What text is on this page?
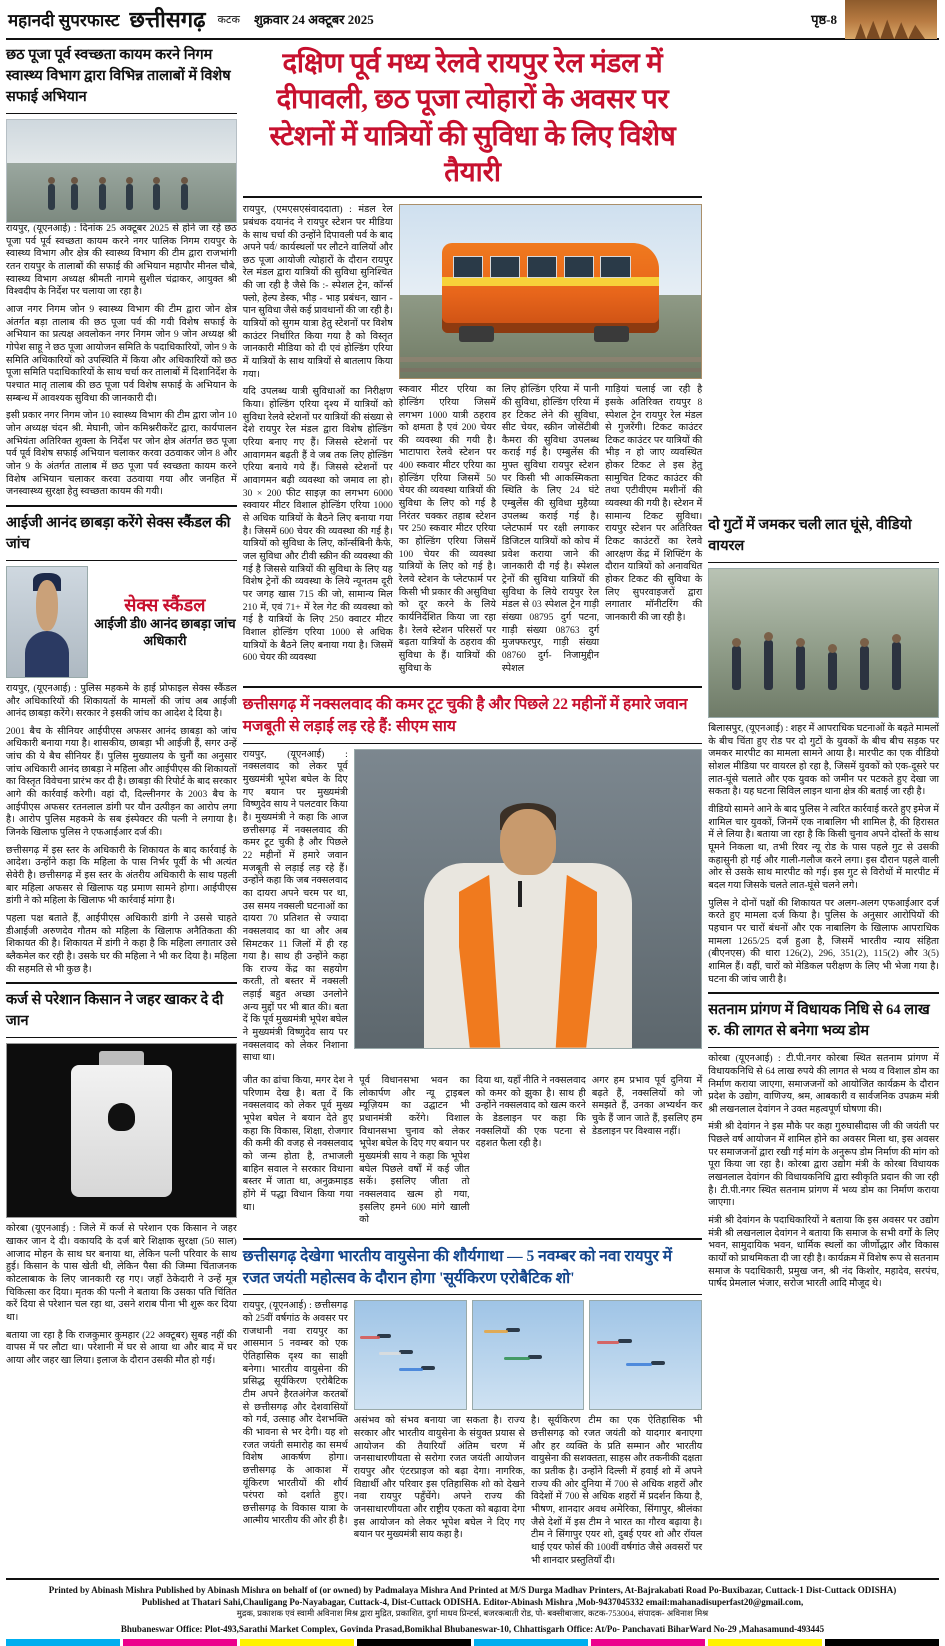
महानदी सुपरफास्ट छत्तीसगढ़	कटक	शुक्रवार 24 अक्टूबर 2025	पृष्ठ-8
छठ पूजा पूर्व स्वच्छता कायम करने निगम स्वास्थ्य विभाग द्वारा विभिन्न तालाबों में विशेष सफाई अभियान

रायपुर, (यूएनआई) : दिनांक 25 अक्टूबर 2025 से होने जा रहे छठ पूजा पर्व पूर्व स्वच्छता कायम करने नगर पालिक निगम रायपुर के स्वास्थ्य विभाग और क्षेत्र की स्वास्थ्य विभाग की टीम द्वारा राजभांगी रतन रायपुर के तालाबों की सफाई की अभियान महापौर मीनल चौबे, स्वास्थ्य विभाग अध्यक्ष श्रीमती नागमे सुशील चंद्राकर, आयुक्त श्री विश्वदीप के निर्देश पर चलाया जा रहा है।

आज नगर निगम जोन 9 स्वास्थ्य विभाग की टीम द्वारा जोन क्षेत्र अंतर्गत बड़ा तालाब की छठ पूजा पर्व की गयी विशेष सफाई के अभियान का प्रत्यक्ष अवलोकन नगर निगम जोन 9 जोन अध्यक्ष श्री गोपेश साहू ने छठ पूजा आयोजन समिति के पदाधिकारियों, जोन 9 के समिति अधिकारियों को उपस्थिति में किया और अधिकारियों को छठ पूजा समिति पदाधिकारियों के साथ चर्चा कर तालाबों में दिशानिर्देश के पश्चात मातृ तालाब की छठ पूजा पर्व विशेष सफाई के अभियान के सम्बन्ध में आवश्यक सुविधा की जानकारी दी।

इसी प्रकार नगर निगम जोन 10 स्वास्थ्य विभाग की टीम द्वारा जोन 10 जोन अध्यक्ष चंदन श्री. मेघानी, जोन कमिश्नरीकरेंट द्वारा, कार्यपालन अभियंता अतिरिक्त शुक्ला के निर्देश पर जोन क्षेत्र अंतर्गत छठ पूजा पर्व पूर्व विशेष सफाई अभियान चलाकर करवा उठवाकर जोन 8 और जोन 9 के अंतर्गत तालाब में छठ पूजा पर्व स्वच्छता कायम करने विशेष अभियान चलाकर करवा उठवाया गया और जनहित में जनस्वास्थ्य सुरक्षा हेतु स्वच्छता कायम की गयी।

आईजी आनंद छाबड़ा करेंगे सेक्स स्कैंडल की जांच
सेक्स स्कैंडल
आईजी डी0 आनंद छाबड़ा जांच अधिकारी

रायपुर, (यूएनआई) : पुलिस महकमे के हाई प्रोफाइल सेक्स स्कैंडल और अधिकारियों की शिकायतों के मामलों की जांच अब आईजी आनंद छाबड़ा करेंगे। सरकार ने इसकी जांच का आदेश दे दिया है।

2001 बैच के सीनियर आईपीएस अफसर आनंद छाबड़ा को जांच अधिकारी बनाया गया है। शासकीय, छाबड़ा भी आईजी हैं, सगर उन्हें जांच की ये बैच सीनियर हैं। पुलिस मुख्यालय के चुनौं का अनुसार जांच अधिकारी आनंद छाबड़ा ने महिला और आईपीएस की शिकायतों का विस्तृत विवेचना प्रारंभ कर दी है। छाबड़ा की रिपोर्ट के बाद सरकार आगे की कार्रवाई करेगी। वहां दौ, दिल्लीनगर के 2003 बैच के आईपीएस अफसर रतनलाल डांगी पर यौन उत्पीड़न का आरोप लगा है। आरोप पुलिस महकमे के सब इंस्पेक्टर की पत्नी ने लगाया है। जिनके खिलाफ पुलिस ने एफआईआर दर्ज की।

छत्तीसगढ़ में इस स्तर के अधिकारी के शिकायत के बाद कार्रवाई के आदेश। उन्होंने कहा कि महिला के पास निर्भर पूर्वी के भी अत्यंत सेवेरी है। छत्तीसगढ़ में इस स्तर के अंतरीय अधिकारी के साथ पहली बार महिला अफसर से खिलाफ यह प्रमाण सामने होगा। आईपीएस डांगी ने को महिला के खिलाफ भी कार्रवाई मांगा है।

पहला पक्ष बताते हैं, आईपीएस अधिकारी डांगी ने उससे चाहते डीआईजी अरुणदेव गौतम को महिला के खिलाफ अनैतिकता की शिकायत की है। शिकायत में डांगी ने कहा है कि महिला लगातार उसे ब्लैकमेल कर रही है। उसके घर की महिला ने भी कर दिया है। महिला की सहमति से भी कुछ है।

कर्ज से परेशान किसान ने जहर खाकर दे दी जान

कोरबा (यूएनआई) : जिले में कर्ज से परेशान एक किसान ने जहर खाकर जान दे दी। वकायदि के दर्ज बारे शिक्षाक सुरक्षा (50 साल) आजाद मोहन के साथ घर बनाया था, लेकिन पत्नी परिवार के साथ हुई। किसान के पास खेती थी, लेकिन पैसा की जिम्मा चिंताजनक कोटलाबाक के लिए जानकारी रह गए। जहाँ ठेकेदारी ने उन्हें मूत्र चिकित्सा कर दिया। मृतक की पत्नी ने बताया कि उसका पति चिंतित करें दिया से परेशान चल रहा था, उसने शराब पीना भी शुरू कर दिया था।

बताया जा रहा है कि राजकुमार कुमहार (22 अक्टूबर) सुबह नहीं की वापस में पर लौटा था। परेशानी में घर से आया था और बाद में घर आया और जहर खा लिया। इलाज के दौरान उसकी मौत हो गई।

दक्षिण पूर्व मध्य रेलवे रायपुर रेल मंडल में दीपावली, छठ पूजा त्योहारों के अवसर पर स्टेशनों में यात्रियों की सुविधा के लिए विशेष तैयारी

रायपुर, (एमएसएसंवाददाता) : मंडल रेल प्रबंधक दयानंद ने रायपुर स्टेशन पर मीडिया के साथ चर्चा की उन्होंने दिपावली पर्व के बाद अपने पर्व/ कार्यस्थलों पर लौटने वालियों और छठ पूजा आयोजी त्योहारों के दौरान रायपुर रेल मंडल द्वारा यात्रियों की सुविधा सुनिश्चित की जा रही है जैसे कि :- स्पेशल ट्रेन, कॉर्न्स फ्लो, हेल्प डेस्क, भीड़ - भाड़ प्रबंधन, खान - पान सुविधा जैसे कई प्रावधानों की जा रही है। यात्रियों को सुगम यात्रा हेतु स्टेशनों पर विशेष काउंटर निर्धारित किया गया है को विस्तृत जानकारी मीडिया को दी एवं होल्डिंग एरिया में यात्रियों के साथ यात्रियों से बातलाप किया गया।

यदि उपलब्ध यात्री सुविधाओं का निरीक्षण किया। होल्डिंग एरिया दृश्य में यात्रियों को सुविधा रेलवे स्टेशनों पर यात्रियों की संख्या से देशे रायपुर रेल मंडल द्वारा विशेष होल्डिंग एरिया बनाए गए हैं। जिससे स्टेशनों पर आवागमन बढ़ती हैं वे जब तक लिए होल्डिंग एरिया बनाये गये हैं। जिससे स्टेशनों पर आवागमन बढ़ी व्यवस्था को जमाव ला हो। 30 × 200 फीट साइज़ का लगभग 6000 स्क्वायर मीटर विशाल होल्डिंग एरिया 1000 से अधिक यात्रियों के बैठने लिए बनाया गया है। जिसमें 600 चेयर की व्यवस्था की गई है। यात्रियों को सुविधा के लिए, कॉर्न्सबिनी कैफे, जल सुविधा और टीवी स्क्रीन की व्यवस्था की गई है जिससे यात्रियों की सुविधा के लिए यह विशेष ट्रेनों की व्यवस्था के लिये न्यूनतम दूरी पर जगह खास 715 की जो, सामान्य मिल 210 में, एवं 71+ में रेल गेट की व्यवस्था को गई है यात्रियों के लिए 250 क्वाटर मीटर विशाल होल्डिंग एरिया 1000 से अधिक यात्रियों के बैठने लिए बनाया गया है। जिसमें 600 चेयर की व्यवस्था

स्कवार मीटर एरिया का होल्डिंग एरिया जिसमें लगभग 1000 यात्री ठहराव को क्षमता है एवं 200 चेयर की व्यवस्था की गयी है। भाटापारा रेलवे स्टेशन पर 400 स्कवार मीटर एरिया का होल्डिंग एरिया जिसमें 50 चेयर की व्यवस्था यात्रियों की सुविधा के लिए को गई है निरंतर चक्कर तहाब स्टेशन पर 250 स्कवार मीटर एरिया का होल्डिंग एरिया जिसमें 100 चेयर की व्यवस्था यात्रियों के लिए को गई है। रेलवे स्टेशन के प्लेटफार्म पर किसी भी प्रकार की असुविधा को दूर करने के लिये कार्यनिर्देशित किया जा रहा है। रेलवे स्टेशन परिसरों पर बढ़ता यात्रियों के ठहराव की सुविधा के हैं। यात्रियों की सुविधा के

लिए होल्डिंग एरिया में पानी की सुविधा, होल्डिंग एरिया में हर टिकट लेने की सुविधा, सीट चेयर, स्क्रीन जोसेंटीबी कैमरा की सुविधा उपलब्ध कराई गई है। एम्बुलेंस की मुफ्त सुविधा रायपुर स्टेशन पर किसी भी आकस्मिकता स्थिति के लिए 24 घंटे एम्बुलेंस की सुविधा मुहैय्या उपलब्ध कराई गई है। प्लेटफार्म पर रक्षी लगाकर डिजिटल यात्रियों को कोच में प्रवेश कराया जाने की जानकारी दी गई है। स्पेशल ट्रेनों की सुविधा यात्रियों की सुविधा के लिये रायपुर रेल मंडल से 03 स्पेशल ट्रेन गाड़ी संख्या 08795 दुर्ग पटना, गाड़ी संख्या 08763 दुर्ग मुजफ्फरपुर, गाड़ी संख्या 08760 दुर्ग- निजामुद्दीन स्पेशल

गाड़ियां चलाई जा रही है इसके अतिरिक्त रायपुर 8 स्पेशल ट्रेन रायपुर रेल मंडल से गुजरेंगी। टिकट काउंटर टिकट काउंटर पर यात्रियों की भीड़ न हो जाए व्यवस्थित होकर टिकट ले इस हेतु सामुचित टिकट काउंटर की तथा एटीवीएम मशीनों की व्यवस्था की गयी है। स्टेशन में सामान्य टिकट सुविधा। रायपुर स्टेशन पर अतिरिक्त टिकट काउंटरों का रेलवे आरक्षण केंद्र में शिफ्टिंग के दौरान यात्रियों को अनावधित होकर टिकट की सुविधा के लिए सुपरवाइजरों द्वारा लगातार मॉनीटरिंग की जानकारी की जा रही है।

छत्तीसगढ़ में नक्सलवाद की कमर टूट चुकी है और पिछले 22 महीनों में हमारे जवान मजबूती से लड़ाई लड़ रहे हैं: सीएम साय

रायपुर, (यूएनआई) : नक्सलवाद को लेकर पूर्व मुख्यमंत्री भूपेश बघेल के दिए गए बयान पर मुख्यमंत्री विष्णुदेव साय ने पलटवार किया है। मुख्यमंत्री ने कहा कि आज छत्तीसगढ़ में नक्सलवाद की कमर टूट चुकी है और पिछले 22 महीनों में हमारे जवान मजबूती से लड़ाई लड़ रहे हैं। उन्होंने कहा कि जब नक्सलवाद का दायरा अपने चरम पर था, उस समय नक्सली घटनाओं का दायरा 70 प्रतिशत से ज्यादा नक्सलवाद का था और अब सिमटकर 11 जिलों में ही रह गया है। साथ ही उन्होंने कहा कि राज्य केंद्र का सहयोग करती, तो बस्तर में नक्सली लड़ाई बहुत अच्छा उनलोने अन्य मुद्दों पर भी बात की। बता दें कि पूर्व मुख्यमंत्री भूपेश बघेल ने मुख्यमंत्री विष्णुदेव साय पर नक्सलवाद को लेकर निशाना साधा था।

जीत का ढांचा किया, मगर देश ने परिणाम देख है। बता दें कि नक्सलवाद को लेकर पूर्व मुख्य भूपेश बघेल ने बयान देते हुए कहा कि विकास, शिक्षा, रोजगार की कमी की वजह से नक्सलवाद को जन्म होता है, तभाजली बाहिन सवाल ने सरकार विधाना बस्तर में जाता था, अनुक्रमाइड होंगे में पद्धा विधान किया गया था।

पूर्व विधानसभा भवन का लोकार्पण और न्यू ट्राइबल म्यूज़ियम का उद्घाटन भी प्रधानमंत्री करेंगे। विशाल विधानसभा चुनाव को लेकर भूपेश बघेल के दिए गए बयान पर मुख्यमंत्री साय ने कहा कि भूपेश बघेल पिछले वर्षों में कई जीत सकें। इसलिए जीता तो नक्सलवाद खत्म हो गया, इसलिए हमने 600 मांगे खाली को

दिया था, यहाँ नीति ने नक्सलवाद को कमर को झुका है। साथ ही उन्होंने नक्सलवाद को खत्म करने के डेडलाइन पर कहा कि नक्सलियों की एक पटना से दहशत फैला रही है।

अगर हम प्रभाव पूर्व दुनिया में बढ़ते हैं, नक्सलियों को जो समझते हैं, उनका अभ्यर्थन कर चुके हैं जान जाते हैं, इसलिए हम डेडलाइन पर विश्वास नहीं।

छत्तीसगढ़ देखेगा भारतीय वायुसेना की शौर्यगाथा — 5 नवम्बर को नवा रायपुर में रजत जयंती महोत्सव के दौरान होगा 'सूर्यकिरण एरोबैटिक शो'

रायपुर, (यूएनआई) : छत्तीसगढ़ को 25वीं वर्षगांठ के अवसर पर राजधानी नवा रायपुर का आसमान 5 नवम्बर को एक ऐतिहासिक दृश्य का साक्षी बनेगा। भारतीय वायुसेना की प्रसिद्ध सूर्यकिरण एरोबैटिक टीम अपने हैरतअंगेज करतबों से छत्तीसगढ़ और देशवासियों को गर्व, उत्साह और देशभक्ति की भावना से भर देगी। यह शो रजत जयंती समारोह का समर्थ विशेष आकर्षण होगा। छत्तीसगढ़ के आकाश में यूंकिरण भारतीयों की शौर्य परंपरा को दर्शाते हुए। छत्तीसगढ़ के विकास यात्रा के आत्मीय भारतीय की ओर ही है।

असंभव को संभव बनाया जा सकता है। राज्य सरकार और भारतीय वायुसेना के संयुक्त प्रयास से आयोजन की तैयारियाँ अंतिम चरण में जनसाधारणीयता से सरोगा रजत जयंती आयोजन रायपुर और एंटरप्राइज को बढ़ा देगा। नागरिक, विद्यार्थी और परिवार इस एतिहासिक शो को देखने नवा रायपुर पहुँचेंगे। अपने राज्य की जनसाधारणीयता और राष्ट्रीय एकता को बढ़ावा देगा इस आयोजन को लेकर भूपेश बघेल ने दिए गए बयान पर मुख्यमंत्री साय कहा है।

है। सूर्यकिरण टीम का एक ऐतिहासिक भी छत्तीसगढ़ को रजत जयंती को यादगार बनाएगा और हर व्यक्ति के प्रति सम्मान और भारतीय वायुसेना की सशक्तता, साहस और तकनीकी दक्षता का प्रतीक है। उन्होंने दिल्ली में हवाई शो में अपने राज्य की ओर दुनिया में 700 से अधिक शहरों और विदेशों में 700 से अधिक शहरों में प्रदर्शन किया है, भीषण, शानदार अवध अमेरिका, सिंगापुर, श्रीलंका जैसे देशों में इस टीम ने भारत का गौरव बढ़ाया है। टीम ने सिंगापुर एयर शो, दुबई एयर शो और रॉयल थाई एयर फोर्स की 100वीं वर्षगांठ जैसे अवसरों पर भी शानदार प्रस्तुतियाँ दी।

दो गुटों में जमकर चली लात घूंसे, वीडियो वायरल

बिलासपुर, (यूएनआई) : शहर में आपराधिक घटनाओं के बढ़ते मामलों के बीच चिंता हुए रोड पर दो गुटों के युवकों के बीच बीच सड़क पर जमकर मारपीट का मामला सामने आया है। मारपीट का एक वीडियो सोशल मीडिया पर वायरल हो रहा है, जिसमें युवकों को एक-दूसरे पर लात-घूंसे चलाते और एक युवक को जमीन पर पटकते हुए देखा जा सकता है। यह घटना सिविल लाइन थाना क्षेत्र की बताई जा रही है।

वीडियो सामने आने के बाद पुलिस ने त्वरित कार्रवाई करते हुए इमेज में शामिल चार युवकों, जिनमें एक नाबालिग भी शामिल है, की हिरासत में ले लिया है। बताया जा रहा है कि किसी चुनाव अपने दोस्तों के साथ घूमने निकला था, तभी रिवर न्यू रोड के पास पहले गुट से उसकी कहासुनी हो गई और गाली-गलौज करने लगा। इस दौरान पहले वाली ओर से उसके साथ मारपीट को गई। इस गुट से विरोधों में मारपीट में बदल गया जिसके चलते लात-घूंसे चलने लगे।

पुलिस ने दोनों पक्षों की शिकायत पर अलग-अलग एफआईआर दर्ज करते हुए मामला दर्ज किया है। पुलिस के अनुसार आरोपियों की पहचान पर चारों बंधनों और एक नाबालिग के खिलाफ आपराधिक मामला 1265/25 दर्ज हुआ है, जिसमें भारतीय न्याय संहिता (बीएनएस) की धारा 126(2), 296, 351(2), 115(2) और 3(5) शामिल हैं। वहीं, चारों को मेडिकल परीक्षण के लिए भी भेजा गया है। घटना की जांच जारी है।

सतनाम प्रांगण में विधायक निधि से 64 लाख रु. की लागत से बनेगा भव्य डोम

कोरबा (यूएनआई) : टी.पी.नगर कोरबा स्थित सतनाम प्रांगण में विधायकनिधि से 64 लाख रुपये की लागत से भव्य व विशाल डोम का निर्माण कराया जाएगा, समाजजनों को आयोजित कार्यक्रम के दौरान प्रदेश के उद्योग, वाणिज्य, श्रम, आबकारी व सार्वजनिक उपक्रम मंत्री श्री लखनलाल देवांगन ने उक्त महत्वपूर्ण घोषणा की।

मंत्री श्री देवांगन ने इस मौके पर कहा गुरुघासीदास जी की जयंती पर पिछले वर्ष आयोजन में शामिल होने का अवसर मिला था, इस अवसर पर समाजजनों द्वारा रखी गई मांग के अनुरूप डोम निर्माण की मांग को पूरा किया जा रहा है। कोरबा द्वारा उद्योग मंत्री के कोरबा विधायक लखनलाल देवांगन की विधायकनिधि द्वारा स्वीकृति प्रदान की जा रही है। टी.पी.नगर स्थित सतनाम प्रांगण में भव्य डोम का निर्माण कराया जाएगा।

मंत्री श्री देवांगन के पदाधिकारियों ने बताया कि इस अवसर पर उद्योग मंत्री श्री लखनलाल देवांगन ने बताया कि समाज के सभी वर्गों के लिए भवन, सामुदायिक भवन, धार्मिक स्थलों का जीर्णोद्धार और विकास कार्यों को प्राथमिकता दी जा रही है। कार्यक्रम में विशेष रूप से सतनाम समाज के पदाधिकारी, प्रमुख जन, श्री नंद किशोर, महादेव, सरपंच, पार्षद प्रेमलाल भंजार, सरोज भारती आदि मौजूद थे।

Printed by Abinash Mishra Published by Abinash Mishra on behalf of (or owned) by Padmalaya Mishra And Printed at M/S Durga Madhav Printers, At-Bajrakabati Road Po-Buxibazar, Cuttack-1 Dist-Cuttack ODISHA)
Published at Thatari Sahi,Chauligang Po-Nayabagar, Cuttack-4, Dist-Cuttack ODISHA. Editor-Abinash Mishra ,Mob-9437045332 email:mahanadisuperfast20@gmail.com,
मुद्रक, प्रकाशक एवं स्वामी अविनाश मिश्र द्वारा मुद्रित, प्रकाशित, दुर्गा माधव प्रिन्टर्स, बजरकबाती रोड, पो- बक्सीबाजार, कटक-753004, संपादक- अविनाश मिश्र
Bhubaneswar Office: Plot-493,Sarathi Market Complex, Govinda Prasad,Bomikhal Bhubaneswar-10, Chhattisgarh Office: At/Po- Panchavati BiharWard No-29 ,Mahasamund-493445
